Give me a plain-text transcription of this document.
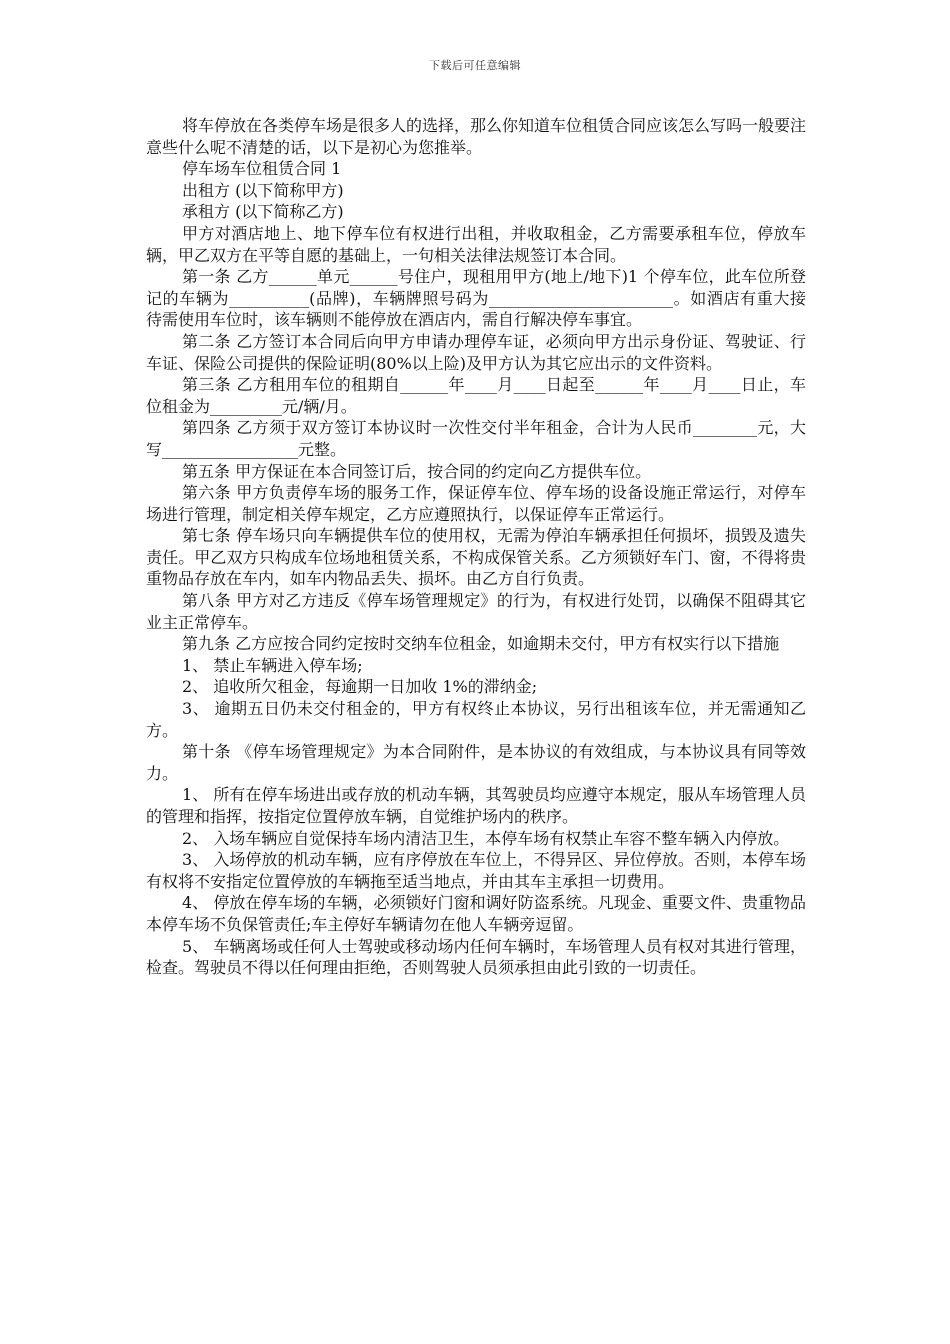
下载后可任意编辑

将车停放在各类停车场是很多人的选择，那么你知道车位租赁合同应该怎么写吗一般要注意些什么呢不清楚的话，以下是初心为您推举。

停车场车位租赁合同 1

出租方 (以下简称甲方)

承租方 (以下简称乙方)

甲方对酒店地上、地下停车位有权进行出租，并收取租金，乙方需要承租车位，停放车辆，甲乙双方在平等自愿的基础上，一句相关法律法规签订本合同。

第一条 乙方______单元______号住户，现租用甲方(地上/地下)1 个停车位，此车位所登记的车辆为__________(品牌)，车辆牌照号码为_______________________。如酒店有重大接待需使用车位时，该车辆则不能停放在酒店内，需自行解决停车事宜。

第二条 乙方签订本合同后向甲方申请办理停车证，必须向甲方出示身份证、驾驶证、行车证、保险公司提供的保险证明(80%以上险)及甲方认为其它应出示的文件资料。

第三条 乙方租用车位的租期自______年____月____日起至______年____月____日止，车位租金为_________元/辆/月。

第四条 乙方须于双方签订本协议时一次性交付半年租金，合计为人民币________元，大写_________________元整。

第五条 甲方保证在本合同签订后，按合同的约定向乙方提供车位。

第六条 甲方负责停车场的服务工作，保证停车位、停车场的设备设施正常运行，对停车场进行管理，制定相关停车规定，乙方应遵照执行，以保证停车正常运行。

第七条 停车场只向车辆提供车位的使用权，无需为停泊车辆承担任何损坏，损毁及遗失责任。甲乙双方只构成车位场地租赁关系，不构成保管关系。乙方须锁好车门、窗，不得将贵重物品存放在车内，如车内物品丢失、损坏。由乙方自行负责。

第八条 甲方对乙方违反《停车场管理规定》的行为，有权进行处罚，以确保不阻碍其它业主正常停车。

第九条 乙方应按合同约定按时交纳车位租金，如逾期未交付，甲方有权实行以下措施

1、 禁止车辆进入停车场;

2、 追收所欠租金，每逾期一日加收 1%的滞纳金;

3、 逾期五日仍未交付租金的，甲方有权终止本协议，另行出租该车位，并无需通知乙方。

第十条 《停车场管理规定》为本合同附件，是本协议的有效组成，与本协议具有同等效力。

1、 所有在停车场进出或存放的机动车辆，其驾驶员均应遵守本规定，服从车场管理人员的管理和指挥，按指定位置停放车辆，自觉维护场内的秩序。

2、 入场车辆应自觉保持车场内清洁卫生，本停车场有权禁止车容不整车辆入内停放。

3、 入场停放的机动车辆，应有序停放在车位上，不得异区、异位停放。否则，本停车场有权将不安指定位置停放的车辆拖至适当地点，并由其车主承担一切费用。

4、 停放在停车场的车辆，必须锁好门窗和调好防盗系统。凡现金、重要文件、贵重物品本停车场不负保管责任;车主停好车辆请勿在他人车辆旁逗留。

5、 车辆离场或任何人士驾驶或移动场内任何车辆时，车场管理人员有权对其进行管理，检查。驾驶员不得以任何理由拒绝，否则驾驶人员须承担由此引致的一切责任。
